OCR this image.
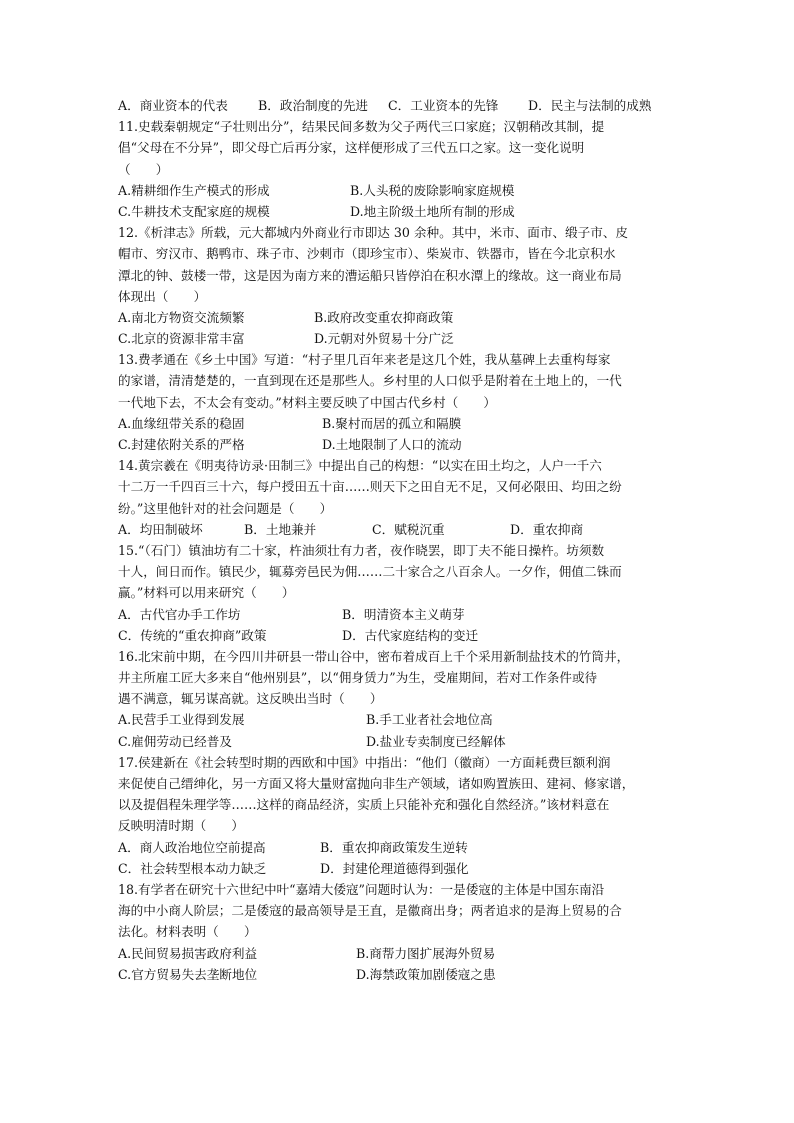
A．商业资本的代表	B．政治制度的先进	C．工业资本的先锋	D．民主与法制的成熟
11.史载秦朝规定“子壮则出分”，结果民间多数为父子两代三口家庭；汉朝稍改其制，提
倡“父母在不分异”，即父母亡后再分家，这样便形成了三代五口之家。这一变化说明
（　　）
A.精耕细作生产模式的形成	B.人头税的废除影响家庭规模
C.牛耕技术支配家庭的规模	D.地主阶级土地所有制的形成
12.《析津志》所载，元大都城内外商业行市即达 30 余种。其中，米市、面市、缎子市、皮
帽市、穷汉市、鹅鸭市、珠子市、沙刺市（即珍宝市）、柴炭市、铁器市，皆在今北京积水
潭北的钟、鼓楼一带，这是因为南方来的漕运船只皆停泊在积水潭上的缘故。这一商业布局
体现出（　　）
A.南北方物资交流频繁	B.政府改变重农抑商政策
C.北京的资源非常丰富	D.元朝对外贸易十分广泛
13.费孝通在《乡土中国》写道：“村子里几百年来老是这几个姓，我从墓碑上去重构每家
的家谱，清清楚楚的，一直到现在还是那些人。乡村里的人口似乎是附着在土地上的，一代
一代地下去，不太会有变动。”材料主要反映了中国古代乡村（　　）
A.血缘纽带关系的稳固	B.聚村而居的孤立和隔膜
C.封建依附关系的严格	D.土地限制了人口的流动
14.黄宗羲在《明夷待访录·田制三》中提出自己的构想：“以实在田土均之，人户一千六
十二万一千四百三十六，每户授田五十亩……则天下之田自无不足，又何必限田、均田之纷
纷。”这里他针对的社会问题是（　　）
A．均田制破坏	B．土地兼并	C．赋税沉重	D．重农抑商
15.“（石门）镇油坊有二十家，杵油须壮有力者，夜作晓罢，即丁夫不能日操杵。坊须数
十人，间日而作。镇民少，辄募旁邑民为佣……二十家合之八百余人。一夕作，佣值二铢而
赢。”材料可以用来研究（　　）
A．古代官办手工作坊	B．明清资本主义萌芽
C．传统的“重农抑商”政策	D．古代家庭结构的变迁
16.北宋前中期，在今四川井研县一带山谷中，密布着成百上千个采用新制盐技术的竹筒井，
井主所雇工匠大多来自“他州别县”，以“佣身赁力”为生，受雇期间，若对工作条件或待
遇不满意，辄另谋高就。这反映出当时（　　）
A.民营手工业得到发展	B.手工业者社会地位高
C.雇佣劳动已经普及	D.盐业专卖制度已经解体
17.侯建新在《社会转型时期的西欧和中国》中指出：“他们（徽商）一方面耗费巨额利润
来促使自己缙绅化，另一方面又将大量财富抛向非生产领域，诸如购置族田、建祠、修家谱，
以及提倡程朱理学等……这样的商品经济，实质上只能补充和强化自然经济。”该材料意在
反映明清时期（　　）
A．商人政治地位空前提高	B．重农抑商政策发生逆转
C．社会转型根本动力缺乏	D．封建伦理道德得到强化
18.有学者在研究十六世纪中叶“嘉靖大倭寇”问题时认为：一是倭寇的主体是中国东南沿
海的中小商人阶层；二是倭寇的最高领导是王直，是徽商出身；两者追求的是海上贸易的合
法化。材料表明（　　）
A.民间贸易损害政府利益	B.商帮力图扩展海外贸易
C.官方贸易失去垄断地位	D.海禁政策加剧倭寇之患
